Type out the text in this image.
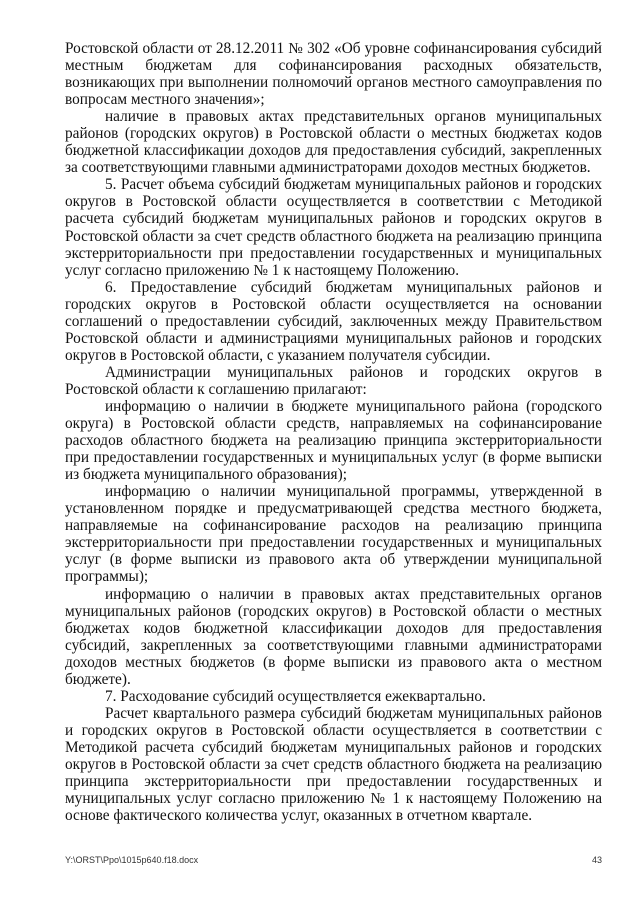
Ростовской области от 28.12.2011 № 302 «Об уровне софинансирования субсидий местным бюджетам для софинансирования расходных обязательств, возникающих при выполнении полномочий органов местного самоуправления по вопросам местного значения»;

наличие в правовых актах представительных органов муниципальных районов (городских округов) в Ростовской области о местных бюджетах кодов бюджетной классификации доходов для предоставления субсидий, закрепленных за соответствующими главными администраторами доходов местных бюджетов.

5. Расчет объема субсидий бюджетам муниципальных районов и городских округов в Ростовской области осуществляется в соответствии с Методикой расчета субсидий бюджетам муниципальных районов и городских округов в Ростовской области за счет средств областного бюджета на реализацию принципа экстерриториальности при предоставлении государственных и муниципальных услуг согласно приложению № 1 к настоящему Положению.

6. Предоставление субсидий бюджетам муниципальных районов и городских округов в Ростовской области осуществляется на основании соглашений о предоставлении субсидий, заключенных между Правительством Ростовской области и администрациями муниципальных районов и городских округов в Ростовской области, с указанием получателя субсидии.

Администрации муниципальных районов и городских округов в Ростовской области к соглашению прилагают:

информацию о наличии в бюджете муниципального района (городского округа) в Ростовской области средств, направляемых на софинансирование расходов областного бюджета на реализацию принципа экстерриториальности при предоставлении государственных и муниципальных услуг (в форме выписки из бюджета муниципального образования);

информацию о наличии муниципальной программы, утвержденной в установленном порядке и предусматривающей средства местного бюджета, направляемые на софинансирование расходов на реализацию принципа экстерриториальности при предоставлении государственных и муниципальных услуг (в форме выписки из правового акта об утверждении муниципальной программы);

информацию о наличии в правовых актах представительных органов муниципальных районов (городских округов) в Ростовской области о местных бюджетах кодов бюджетной классификации доходов для предоставления субсидий, закрепленных за соответствующими главными администраторами доходов местных бюджетов (в форме выписки из правового акта о местном бюджете).

7. Расходование субсидий осуществляется ежеквартально.

Расчет квартального размера субсидий бюджетам муниципальных районов и городских округов в Ростовской области осуществляется в соответствии с Методикой расчета субсидий бюджетам муниципальных районов и городских округов в Ростовской области за счет средств областного бюджета на реализацию принципа экстерриториальности при предоставлении государственных и муниципальных услуг согласно приложению № 1 к настоящему Положению на основе фактического количества услуг, оказанных в отчетном квартале.

Y:\ORST\Ppo\1015p640.f18.docx	43
